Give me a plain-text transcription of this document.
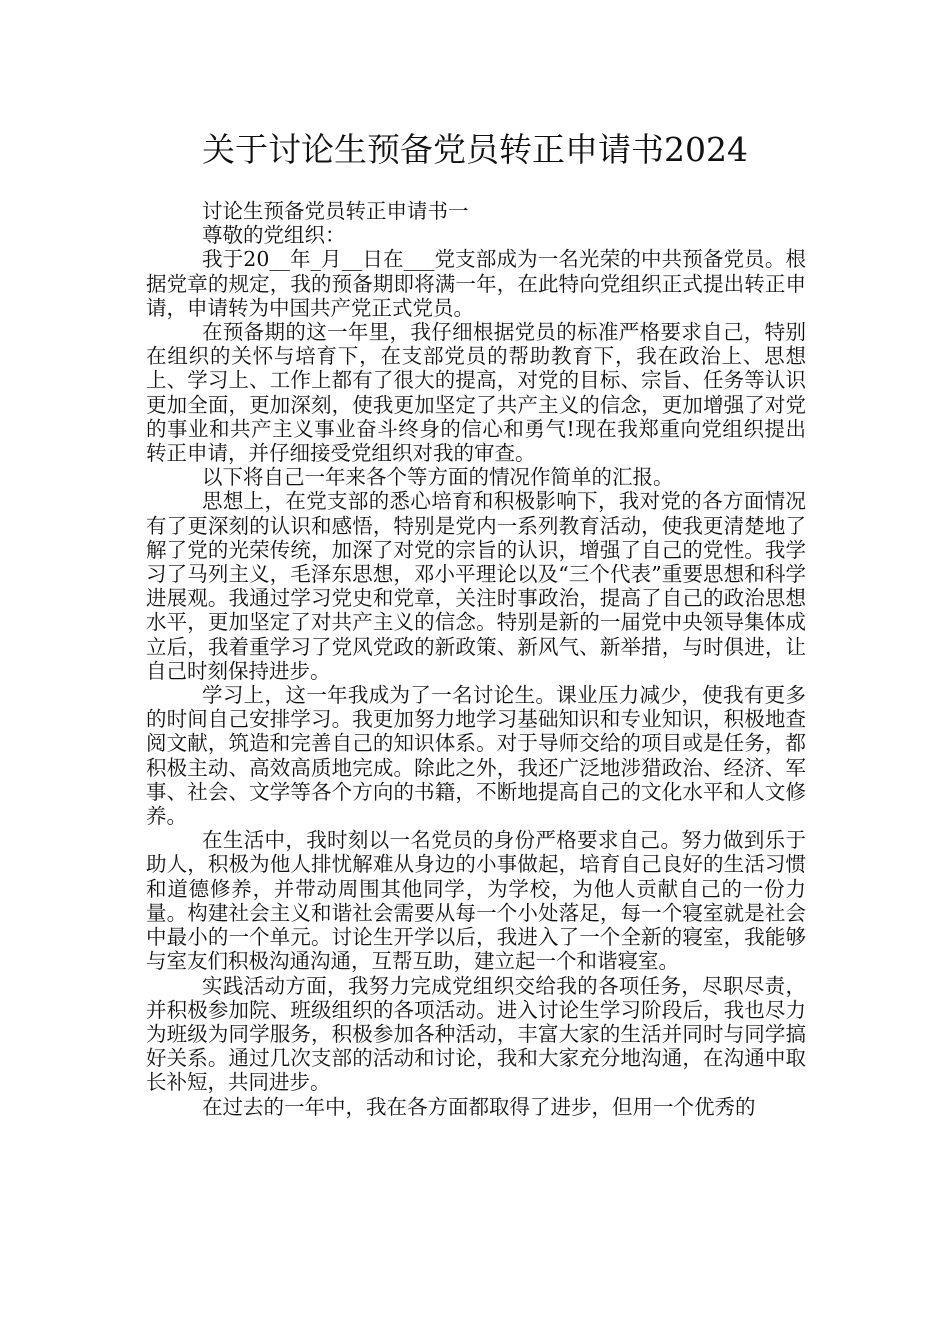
关于讨论生预备党员转正申请书2024

讨论生预备党员转正申请书一

尊敬的党组织：

我于20__年_月__日在___党支部成为一名光荣的中共预备党员。根据党章的规定，我的预备期即将满一年，在此特向党组织正式提出转正申请，申请转为中国共产党正式党员。

在预备期的这一年里，我仔细根据党员的标准严格要求自己，特别在组织的关怀与培育下，在支部党员的帮助教育下，我在政治上、思想上、学习上、工作上都有了很大的提高，对党的目标、宗旨、任务等认识更加全面，更加深刻，使我更加坚定了共产主义的信念，更加增强了对党的事业和共产主义事业奋斗终身的信心和勇气!现在我郑重向党组织提出转正申请，并仔细接受党组织对我的审查。

以下将自己一年来各个等方面的情况作简单的汇报。

思想上，在党支部的悉心培育和积极影响下，我对党的各方面情况有了更深刻的认识和感悟，特别是党内一系列教育活动，使我更清楚地了解了党的光荣传统，加深了对党的宗旨的认识，增强了自己的党性。我学习了马列主义，毛泽东思想，邓小平理论以及“三个代表”重要思想和科学进展观。我通过学习党史和党章，关注时事政治，提高了自己的政治思想水平，更加坚定了对共产主义的信念。特别是新的一届党中央领导集体成立后，我着重学习了党风党政的新政策、新风气、新举措，与时俱进，让自己时刻保持进步。

学习上，这一年我成为了一名讨论生。课业压力减少，使我有更多的时间自己安排学习。我更加努力地学习基础知识和专业知识，积极地查阅文献，筑造和完善自己的知识体系。对于导师交给的项目或是任务，都积极主动、高效高质地完成。除此之外，我还广泛地涉猎政治、经济、军事、社会、文学等各个方向的书籍，不断地提高自己的文化水平和人文修养。

在生活中，我时刻以一名党员的身份严格要求自己。努力做到乐于助人，积极为他人排忧解难从身边的小事做起，培育自己良好的生活习惯和道德修养，并带动周围其他同学，为学校，为他人贡献自己的一份力量。构建社会主义和谐社会需要从每一个小处落足，每一个寝室就是社会中最小的一个单元。讨论生开学以后，我进入了一个全新的寝室，我能够与室友们积极沟通沟通，互帮互助，建立起一个和谐寝室。

实践活动方面，我努力完成党组织交给我的各项任务，尽职尽责，并积极参加院、班级组织的各项活动。进入讨论生学习阶段后，我也尽力为班级为同学服务，积极参加各种活动，丰富大家的生活并同时与同学搞好关系。通过几次支部的活动和讨论，我和大家充分地沟通，在沟通中取长补短，共同进步。

在过去的一年中，我在各方面都取得了进步，但用一个优秀的
